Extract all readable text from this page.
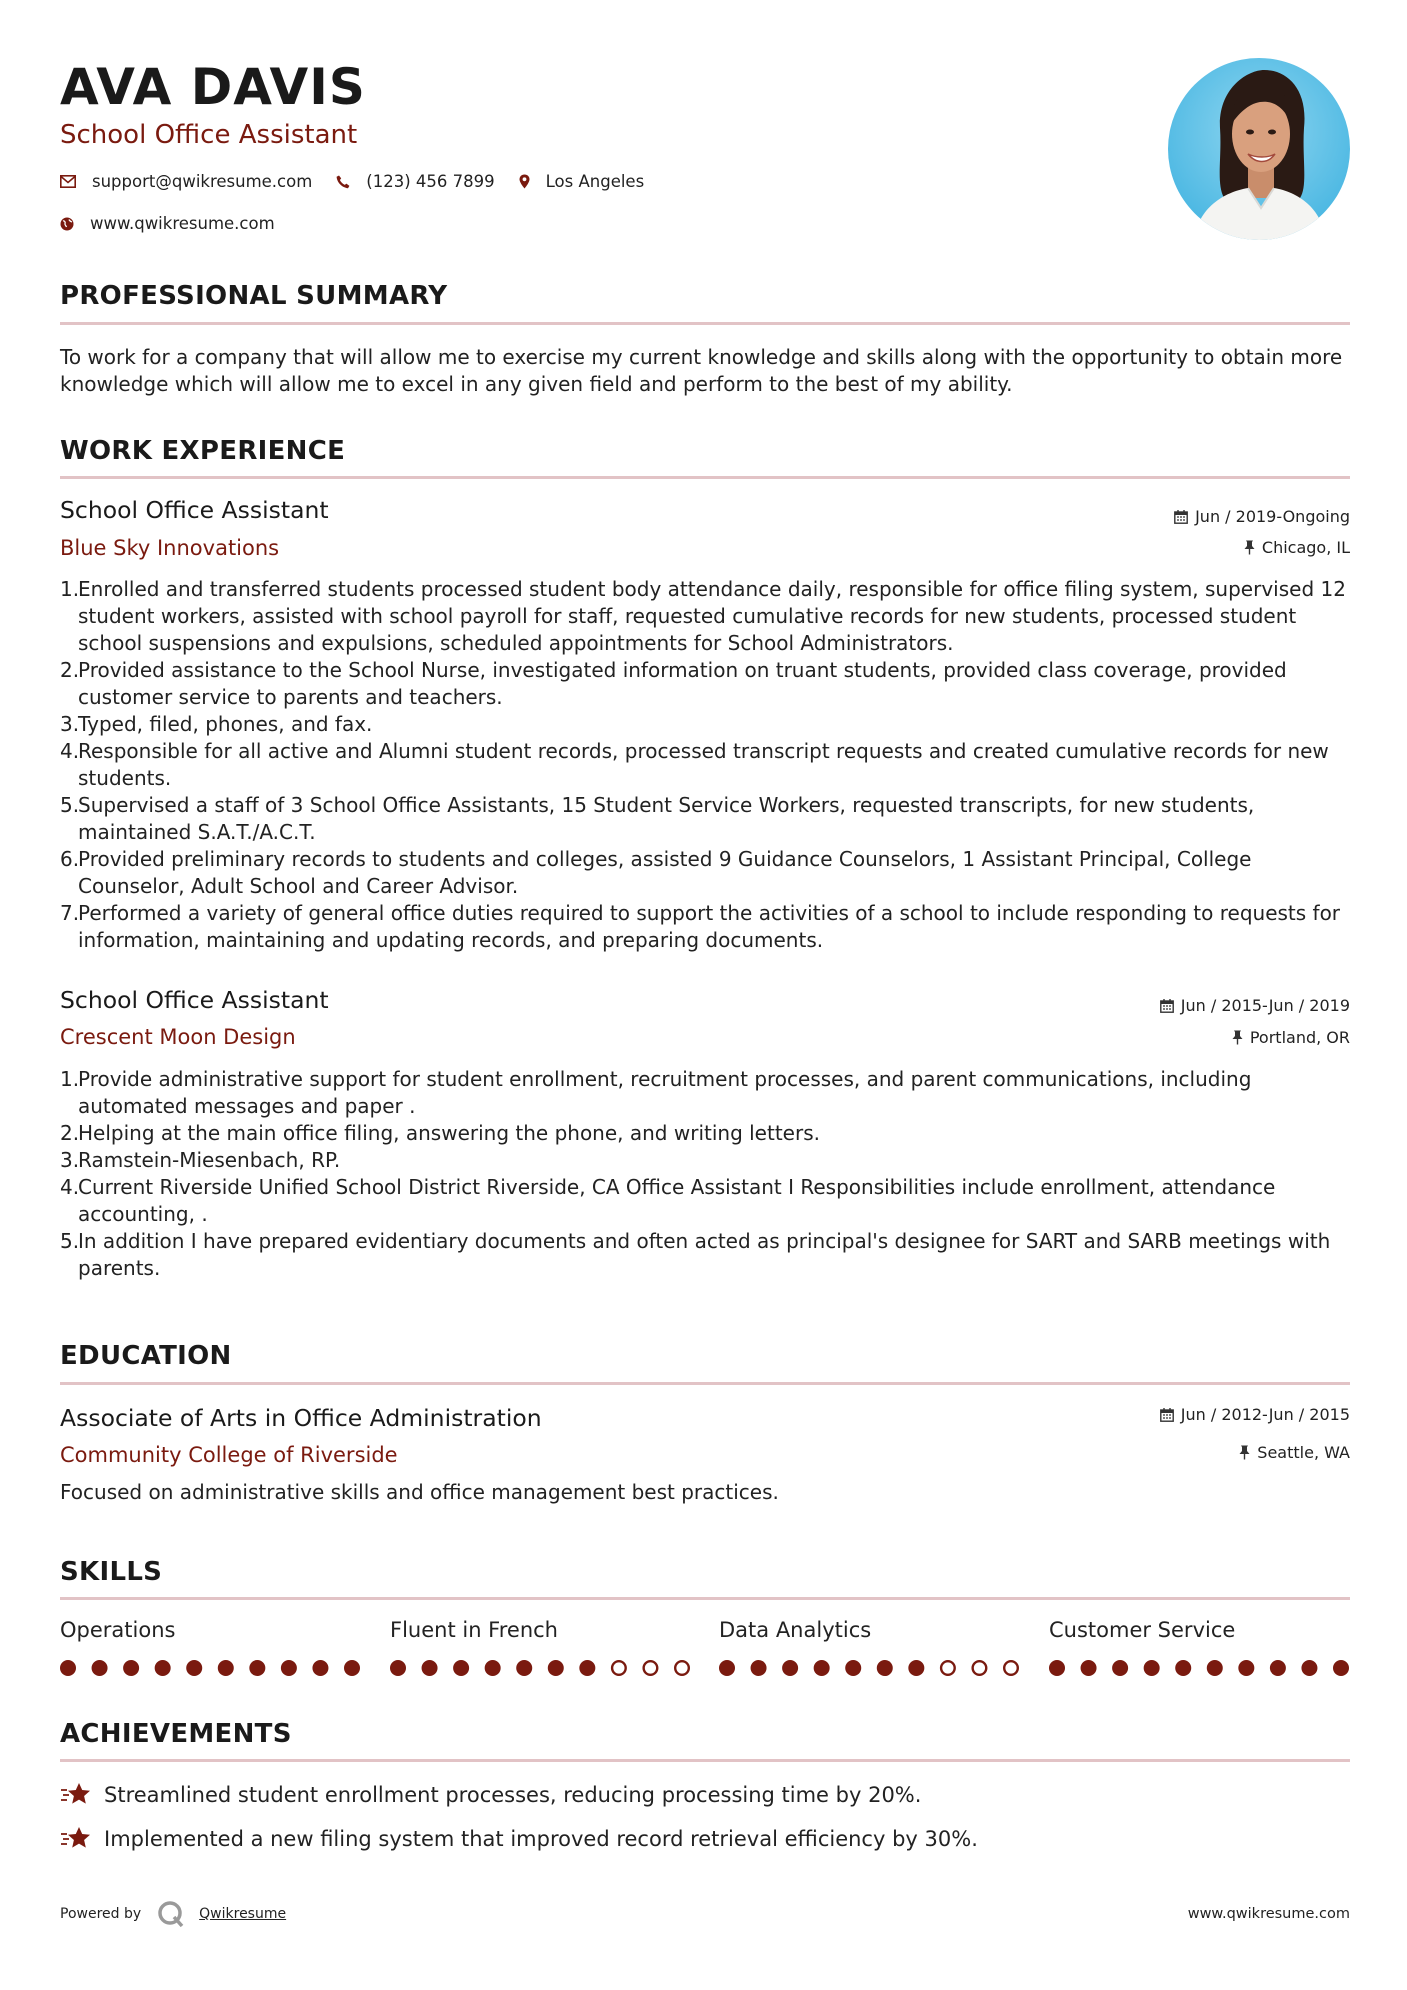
AVA DAVIS
School Office Assistant
support@qwikresume.com	(123) 456 7899	Los Angeles
www.qwikresume.com
PROFESSIONAL SUMMARY
To work for a company that will allow me to exercise my current knowledge and skills along with the opportunity to obtain more knowledge which will allow me to excel in any given field and perform to the best of my ability.
WORK EXPERIENCE
School Office Assistant
Blue Sky Innovations
Jun / 2019-Ongoing
Chicago, IL
1.
Enrolled and transferred students processed student body attendance daily, responsible for office filing system, supervised 12 student workers, assisted with school payroll for staff, requested cumulative records for new students, processed student school suspensions and expulsions, scheduled appointments for School Administrators.
2.
Provided assistance to the School Nurse, investigated information on truant students, provided class coverage, provided customer service to parents and teachers.
3.
Typed, filed, phones, and fax.
4.
Responsible for all active and Alumni student records, processed transcript requests and created cumulative records for new students.
5.
Supervised a staff of 3 School Office Assistants, 15 Student Service Workers, requested transcripts, for new students, maintained S.A.T./A.C.T.
6.
Provided preliminary records to students and colleges, assisted 9 Guidance Counselors, 1 Assistant Principal, College Counselor, Adult School and Career Advisor.
7.
Performed a variety of general office duties required to support the activities of a school to include responding to requests for information, maintaining and updating records, and preparing documents.
School Office Assistant
Crescent Moon Design
Jun / 2015-Jun / 2019
Portland, OR
1.
Provide administrative support for student enrollment, recruitment processes, and parent communications, including automated messages and paper .
2.
Helping at the main office filing, answering the phone, and writing letters.
3.
Ramstein-Miesenbach, RP.
4.
Current Riverside Unified School District Riverside, CA Office Assistant I Responsibilities include enrollment, attendance accounting, .
5.
In addition I have prepared evidentiary documents and often acted as principal's designee for SART and SARB meetings with parents.
EDUCATION
Associate of Arts in Office Administration
Community College of Riverside
Jun / 2012-Jun / 2015
Seattle, WA
Focused on administrative skills and office management best practices.
SKILLS
Operations	Fluent in French	Data Analytics	Customer Service
ACHIEVEMENTS
Streamlined student enrollment processes, reducing processing time by 20%.
Implemented a new filing system that improved record retrieval efficiency by 30%.
Powered by	Qwikresume	www.qwikresume.com
